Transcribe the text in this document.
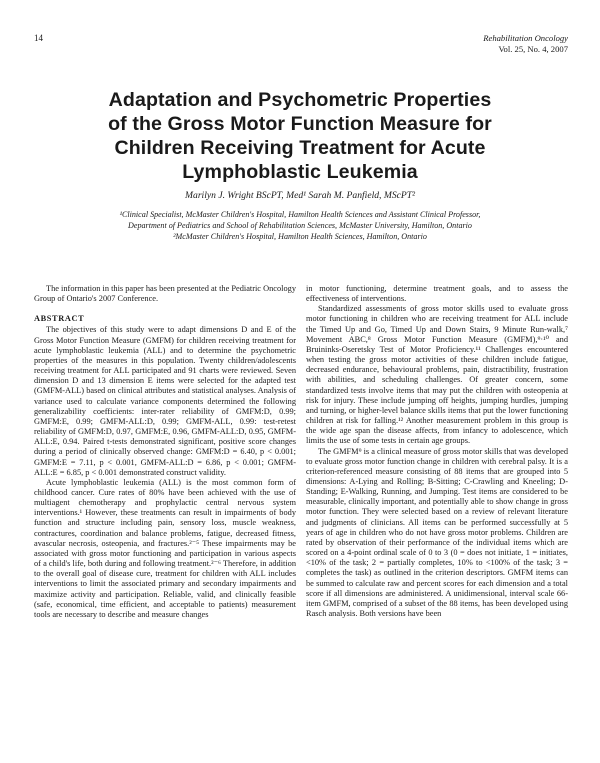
14	Rehabilitation Oncology
Vol. 25, No. 4, 2007
Adaptation and Psychometric Properties
of the Gross Motor Function Measure for
Children Receiving Treatment for Acute
Lymphoblastic Leukemia
Marilyn J. Wright BScPT, Med¹ Sarah M. Panfield, MScPT²
¹Clinical Specialist, McMaster Children's Hospital, Hamilton Health Sciences and Assistant Clinical Professor,
Department of Pediatrics and School of Rehabilitation Sciences, McMaster University, Hamilton, Ontario
²McMaster Children's Hospital, Hamilton Health Sciences, Hamilton, Ontario

The information in this paper has been presented at the Pediatric Oncology Group of Ontario's 2007 Conference.

ABSTRACT

The objectives of this study were to adapt dimensions D and E of the Gross Motor Function Measure (GMFM) for children receiving treatment for acute lymphoblastic leukemia (ALL) and to determine the psychometric properties of the measures in this population. Twenty children/adolescents receiving treatment for ALL participated and 91 charts were reviewed. Seven dimension D and 13 dimension E items were selected for the adapted test (GMFM-ALL) based on clinical attributes and statistical analyses. Analysis of variance used to calculate variance components determined the following generalizability coefficients: inter-rater reliability of GMFM:D, 0.99; GMFM:E, 0.99; GMFM-ALL:D, 0.99; GMFM-ALL, 0.99: test-retest reliability of GMFM:D, 0.97, GMFM:E, 0.96, GMFM-ALL:D, 0.95, GMFM-ALL:E, 0.94. Paired t-tests demonstrated significant, positive score changes during a period of clinically observed change: GMFM:D = 6.40, p < 0.001; GMFM:E = 7.11, p < 0.001, GMFM-ALL:D = 6.86, p < 0.001; GMFM-ALL:E = 6.85, p < 0.001 demonstrated construct validity.

Acute lymphoblastic leukemia (ALL) is the most common form of childhood cancer. Cure rates of 80% have been achieved with the use of multiagent chemotherapy and prophylactic central nervous system interventions.¹ However, these treatments can result in impairments of body function and structure including pain, sensory loss, muscle weakness, contractures, coordination and balance problems, fatigue, decreased fitness, avascular necrosis, osteopenia, and fractures.²⁻⁵ These impairments may be associated with gross motor functioning and participation in various aspects of a child's life, both during and following treatment.²⁻⁶ Therefore, in addition to the overall goal of disease cure, treatment for children with ALL includes interventions to limit the associated primary and secondary impairments and maximize activity and participation. Reliable, valid, and clinically feasible (safe, economical, time efficient, and acceptable to patients) measurement tools are necessary to describe and measure changes

in motor functioning, determine treatment goals, and to assess the effectiveness of interventions.

Standardized assessments of gross motor skills used to evaluate gross motor functioning in children who are receiving treatment for ALL include the Timed Up and Go, Timed Up and Down Stairs, 9 Minute Run-walk,⁷ Movement ABC,⁸ Gross Motor Function Measure (GMFM),⁹·¹⁰ and Bruininks-Oseretsky Test of Motor Proficiency.¹¹ Challenges encountered when testing the gross motor activities of these children include fatigue, decreased endurance, behavioural problems, pain, distractibility, frustration with abilities, and scheduling challenges. Of greater concern, some standardized tests involve items that may put the children with osteopenia at risk for injury. These include jumping off heights, jumping hurdles, jumping and turning, or higher-level balance skills items that put the lower functioning children at risk for falling.¹² Another measurement problem in this group is the wide age span the disease affects, from infancy to adolescence, which limits the use of some tests in certain age groups.

The GMFM⁹ is a clinical measure of gross motor skills that was developed to evaluate gross motor function change in children with cerebral palsy. It is a criterion-referenced measure consisting of 88 items that are grouped into 5 dimensions: A-Lying and Rolling; B-Sitting; C-Crawling and Kneeling; D-Standing; E-Walking, Running, and Jumping. Test items are considered to be measurable, clinically important, and potentially able to show change in gross motor function. They were selected based on a review of relevant literature and judgments of clinicians. All items can be performed successfully at 5 years of age in children who do not have gross motor problems. Children are rated by observation of their performance of the individual items which are scored on a 4-point ordinal scale of 0 to 3 (0 = does not initiate, 1 = initiates, <10% of the task; 2 = partially completes, 10% to <100% of the task; 3 = completes the task) as outlined in the criterion descriptors. GMFM items can be summed to calculate raw and percent scores for each dimension and a total score if all dimensions are administered. A unidimensional, interval scale 66-item GMFM, comprised of a subset of the 88 items, has been developed using Rasch analysis. Both versions have been
